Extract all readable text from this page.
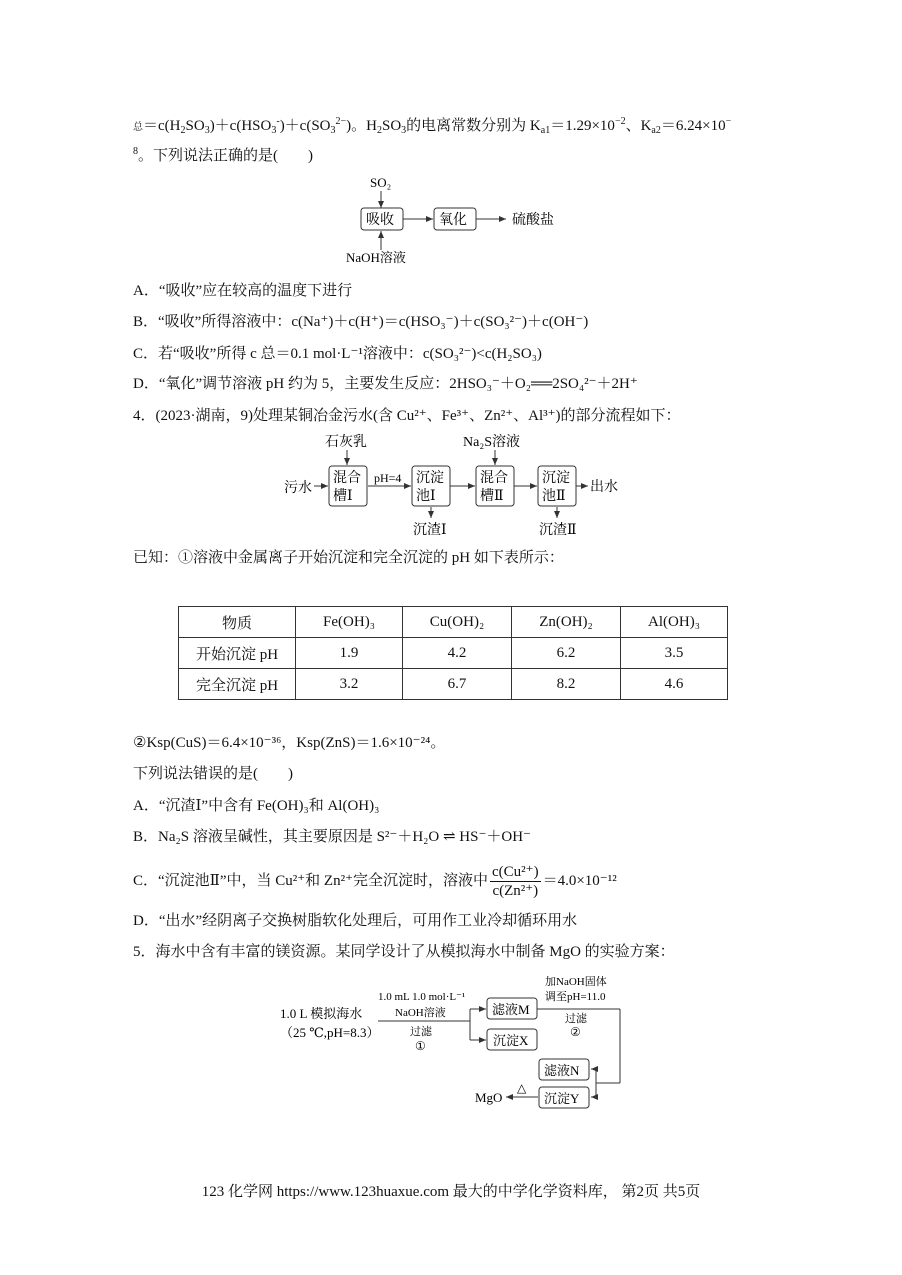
总$=c(H_2SO_3)+c(HSO_3^-)+c(SO_3^{2-})$。$H_2SO_3$的电离常数分别为 $K_{a1}=1.29\times 10^{-2}$、$K_{a2}=6.24\times 10^-$
$^8$。下列说法正确的是(　　)
SO₂
吸收	氧化	硫酸盐
NaOH溶液
A．“吸收”应在较高的温度下进行
B．“吸收”所得溶液中：c(Na⁺)＋c(H⁺)＝c(HSO₃⁻)＋c(SO₃²⁻)＋c(OH⁻)
C．若“吸收”所得 c 总＝0.1 mol·L⁻¹溶液中：c(SO₃²⁻)<c(H₂SO₃)
D．“氧化”调节溶液 pH 约为 5，主要发生反应：2HSO₃⁻＋O₂══2SO₄²⁻＋2H⁺
4．(2023·湖南，9)处理某铜冶金污水(含 Cu²⁺、Fe³⁺、Zn²⁺、Al³⁺)的部分流程如下：
石灰乳	Na₂S溶液
污水
混合
槽Ⅰ
pH=4 沉淀
池Ⅰ
混合
槽Ⅱ
沉淀
池Ⅱ
出水
沉渣Ⅰ	沉渣Ⅱ
已知：①溶液中金属离子开始沉淀和完全沉淀的 pH 如下表所示：
物质	Fe(OH)₃	Cu(OH)₂	Zn(OH)₂	Al(OH)₃
开始沉淀 pH	1.9	4.2	6.2	3.5
完全沉淀 pH	3.2	6.7	8.2	4.6
②Ksp(CuS)＝6.4×10⁻³⁶，Ksp(ZnS)＝1.6×10⁻²⁴。
下列说法错误的是(　　)
A．“沉渣Ⅰ”中含有 Fe(OH)₃和 Al(OH)₃
B．Na₂S 溶液呈碱性，其主要原因是 S²⁻＋H₂O ⇌ HS⁻＋OH⁻
C．“沉淀池Ⅱ”中，当 Cu²⁺和 Zn²⁺完全沉淀时，溶液中 $\frac{\text{c(Cu²⁺)}}{\text{c(Zn²⁺)}} =4.0\times 10^{-12}$
D．“出水”经阴离子交换树脂软化处理后，可用作工业冷却循环用水
5．海水中含有丰富的镁资源。某同学设计了从模拟海水中制备 MgO 的实验方案：
1.0 L 模拟海水
（25 ℃,pH=8.3）
1.0 mL 1.0 mol·L⁻¹
NaOH溶液
过滤
①
滤液M
沉淀X
加NaOH固体
调至pH=11.0
过滤
②
滤液N
沉淀Y
△
MgO
123 化学网 https://www.123huaxue.com 最大的中学化学资料库， 第2页 共5页
